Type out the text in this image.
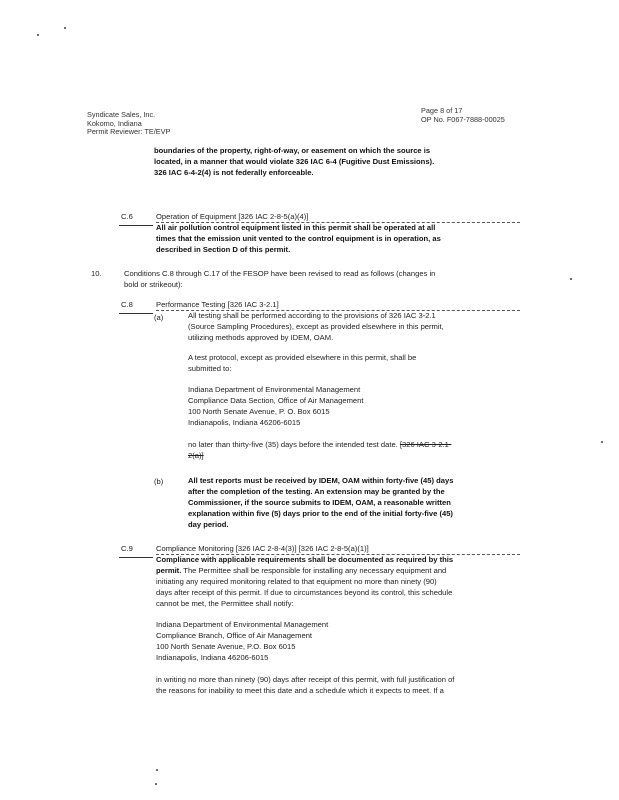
Syndicate Sales, Inc.
Kokomo, Indiana
Permit Reviewer: TE/EVP
Page 8 of 17
OP No. F067-7888-00025
boundaries of the property, right-of-way, or easement on which the source is
located, in a manner that would violate 326 IAC 6-4 (Fugitive Dust Emissions).
326 IAC 6-4-2(4) is not federally enforceable.
C.6	Operation of Equipment [326 IAC 2-8-5(a)(4)]
All air pollution control equipment listed in this permit shall be operated at all
times that the emission unit vented to the control equipment is in operation, as
described in Section D of this permit.
10.	Conditions C.8 through C.17 of the FESOP have been revised to read as follows (changes in
bold or strikeout):
C.8	Performance Testing [326 IAC 3-2.1]
(a)	All testing shall be performed according to the provisions of 326 IAC 3-2.1
(Source Sampling Procedures), except as provided elsewhere in this permit,
utilizing methods approved by IDEM, OAM.
A test protocol, except as provided elsewhere in this permit, shall be
submitted to:
Indiana Department of Environmental Management
Compliance Data Section, Office of Air Management
100 North Senate Avenue, P. O. Box 6015
Indianapolis, Indiana 46206-6015
no later than thirty-five (35) days before the intended test date. [326 IAC 3-2.1-
2(a)]
(b)	All test reports must be received by IDEM, OAM within forty-five (45) days
after the completion of the testing. An extension may be granted by the
Commissioner, if the source submits to IDEM, OAM, a reasonable written
explanation within five (5) days prior to the end of the initial forty-five (45)
day period.
C.9	Compliance Monitoring [326 IAC 2-8-4(3)] [326 IAC 2-8-5(a)(1)]
Compliance with applicable requirements shall be documented as required by this
permit. The Permittee shall be responsible for installing any necessary equipment and
initiating any required monitoring related to that equipment no more than ninety (90)
days after receipt of this permit. If due to circumstances beyond its control, this schedule
cannot be met, the Permittee shall notify:
Indiana Department of Environmental Management
Compliance Branch, Office of Air Management
100 North Senate Avenue, P.O. Box 6015
Indianapolis, Indiana 46206-6015
in writing no more than ninety (90) days after receipt of this permit, with full justification of
the reasons for inability to meet this date and a schedule which it expects to meet. If a
